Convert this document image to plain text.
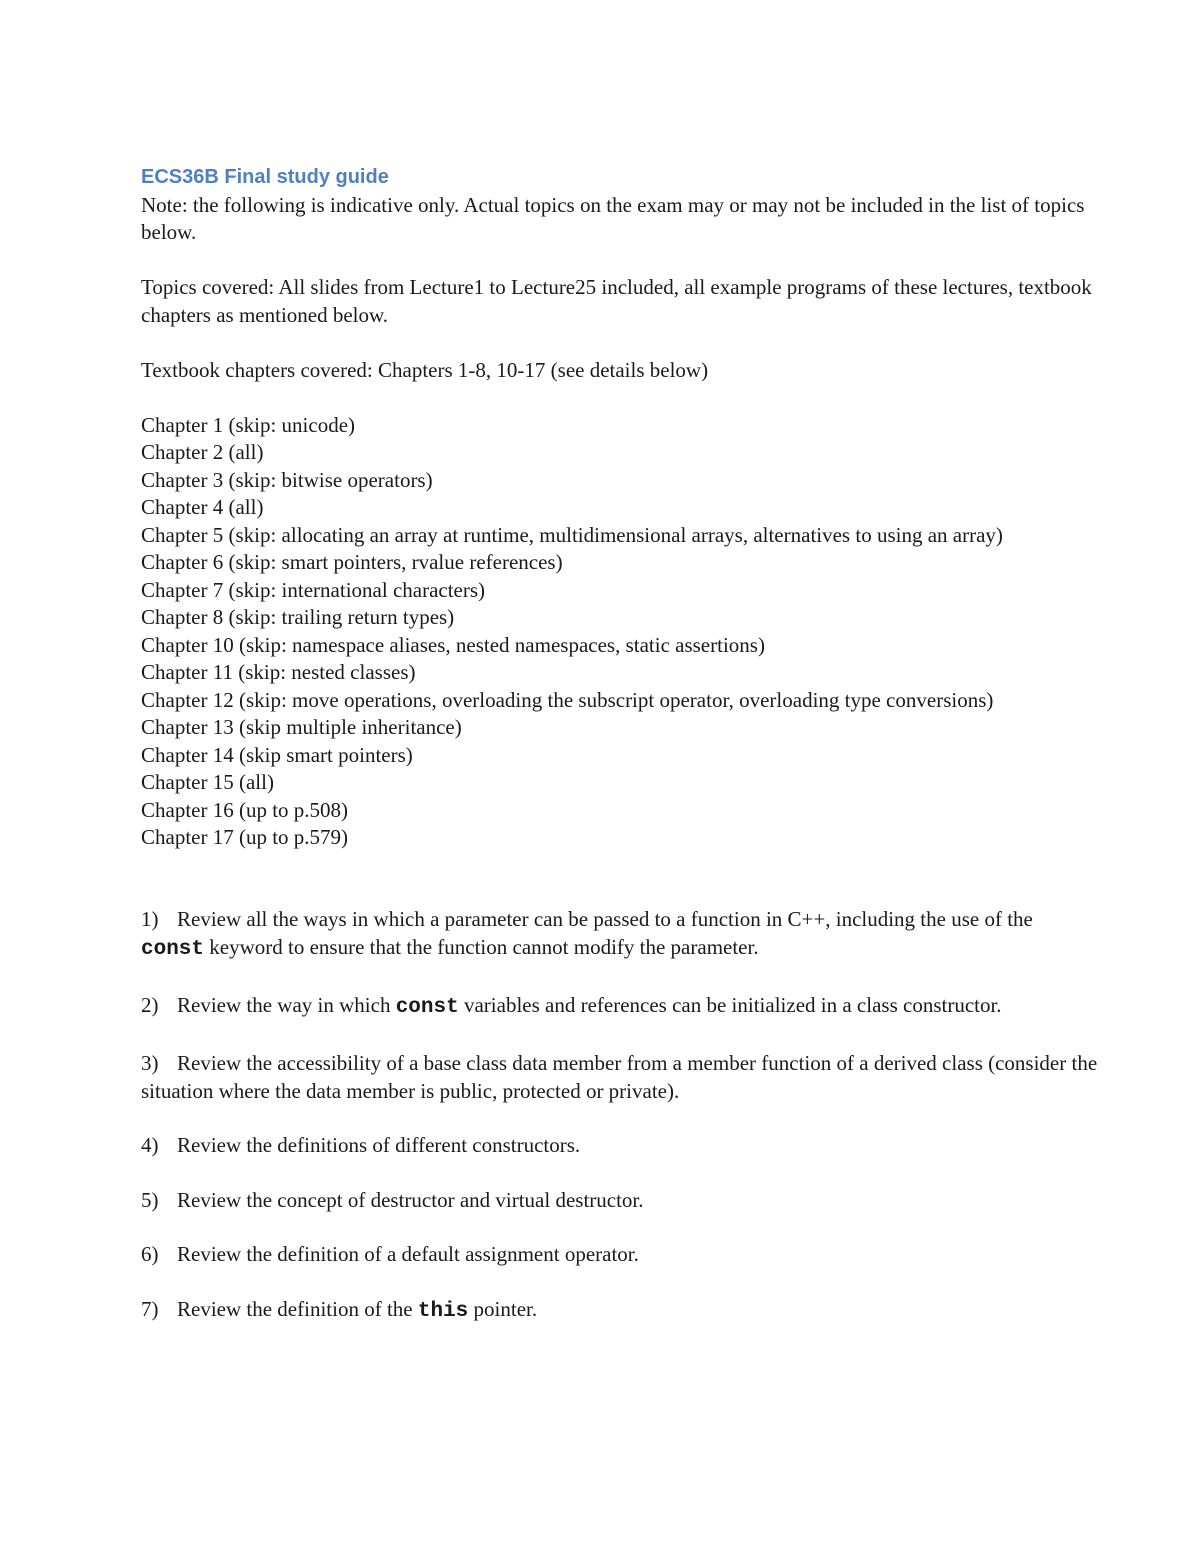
ECS36B Final study guide

Note: the following is indicative only. Actual topics on the exam may or may not be included in the list of topics below.

Topics covered: All slides from Lecture1 to Lecture25 included, all example programs of these lectures, textbook chapters as mentioned below.

Textbook chapters covered: Chapters 1-8, 10-17 (see details below)

Chapter 1 (skip: unicode)
Chapter 2 (all)
Chapter 3 (skip: bitwise operators)
Chapter 4 (all)
Chapter 5 (skip: allocating an array at runtime, multidimensional arrays, alternatives to using an array)
Chapter 6 (skip: smart pointers, rvalue references)
Chapter 7 (skip: international characters)
Chapter 8 (skip: trailing return types)
Chapter 10 (skip: namespace aliases, nested namespaces, static assertions)
Chapter 11 (skip: nested classes)
Chapter 12 (skip: move operations, overloading the subscript operator, overloading type conversions)
Chapter 13 (skip multiple inheritance)
Chapter 14 (skip smart pointers)
Chapter 15 (all)
Chapter 16 (up to p.508)
Chapter 17 (up to p.579)
1) Review all the ways in which a parameter can be passed to a function in C++, including the use of the const keyword to ensure that the function cannot modify the parameter.
2) Review the way in which const variables and references can be initialized in a class constructor.
3) Review the accessibility of a base class data member from a member function of a derived class (consider the situation where the data member is public, protected or private).
4) Review the definitions of different constructors.
5) Review the concept of destructor and virtual destructor.
6) Review the definition of a default assignment operator.
7) Review the definition of the this pointer.
